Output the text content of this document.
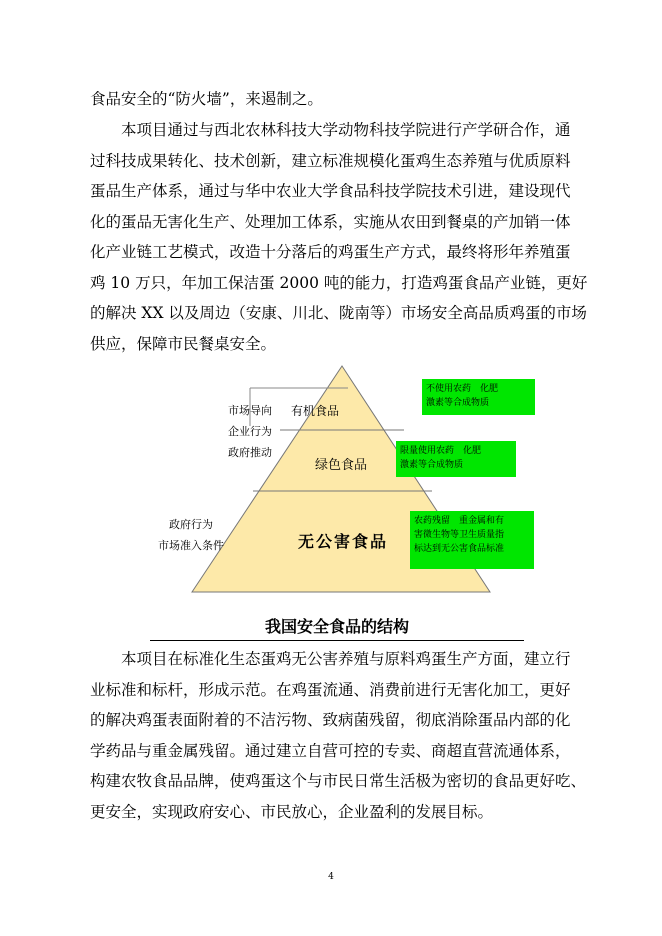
食品安全的“防火墙”，来遏制之。
本项目通过与西北农林科技大学动物科技学院进行产学研合作，通
过科技成果转化、技术创新，建立标准规模化蛋鸡生态养殖与优质原料
蛋品生产体系，通过与华中农业大学食品科技学院技术引进，建设现代
化的蛋品无害化生产、处理加工体系，实施从农田到餐桌的产加销一体
化产业链工艺模式，改造十分落后的鸡蛋生产方式，最终将形年养殖蛋
鸡 10 万只，年加工保洁蛋 2000 吨的能力，打造鸡蛋食品产业链，更好
的解决 XX 以及周边（安康、川北、陇南等）市场安全高品质鸡蛋的市场
供应，保障市民餐桌安全。
有机食品
绿色食品
无公害食品
市场导向
企业行为
政府推动
政府行为
市场准入条件
不使用农药　化肥
激素等合成物质
限量使用农药　化肥
激素等合成物质
农药残留　重金属和有
害微生物等卫生质量指
标达到无公害食品标准
我国安全食品的结构
本项目在标准化生态蛋鸡无公害养殖与原料鸡蛋生产方面，建立行
业标准和标杆，形成示范。在鸡蛋流通、消费前进行无害化加工，更好
的解决鸡蛋表面附着的不洁污物、致病菌残留，彻底消除蛋品内部的化
学药品与重金属残留。通过建立自营可控的专卖、商超直营流通体系，
构建农牧食品品牌，使鸡蛋这个与市民日常生活极为密切的食品更好吃、
更安全，实现政府安心、市民放心，企业盈利的发展目标。
4
